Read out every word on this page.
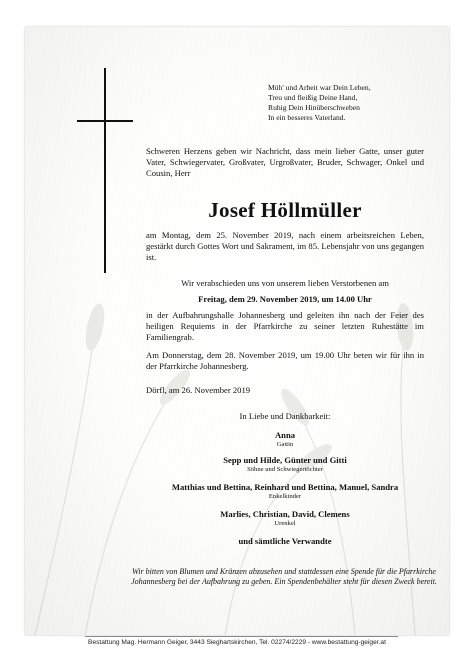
Müh' und Arbeit war Dein Leben,
Treu und fleißig Deine Hand,
Ruhig Dein Hinüberschweben
In ein besseres Vaterland.
Schweren Herzens geben wir Nachricht, dass mein lieber Gatte, unser guter Vater, Schwiegervater, Großvater, Urgroßvater, Bruder, Schwager, Onkel und Cousin, Herr
Josef Höllmüller
am Montag, dem 25. November 2019, nach einem arbeitsreichen Leben, gestärkt durch Gottes Wort und Sakrament, im 85. Lebensjahr von uns gegangen ist.
Wir verabschieden uns von unserem lieben Verstorbenen am
Freitag, dem 29. November 2019, um 14.00 Uhr
in der Aufbahrungshalle Johannesberg und geleiten ihn nach der Feier des heiligen Requiems in der Pfarrkirche zu seiner letzten Ruhestätte im Familiengrab.
Am Donnerstag, dem 28. November 2019, um 19.00 Uhr beten wir für ihn in der Pfarrkirche Johannesberg.
Dörfl, am 26. November 2019
In Liebe und Dankbarkeit:
Anna
Gattin
Sepp und Hilde, Günter und Gitti
Söhne und Schwiegertöchter
Matthias und Bettina, Reinhard und Bettina, Manuel, Sandra
Enkelkinder
Marlies, Christian, David, Clemens
Urenkel
und sämtliche Verwandte
Wir bitten von Blumen und Kränzen abzusehen und stattdessen eine Spende für die Pfarrkirche Johannesberg bei der Aufbahrung zu geben. Ein Spendenbehälter steht für diesen Zweck bereit.
Bestattung Mag. Hermann Geiger, 3443 Sieghartskirchen, Tel. 02274/2229 - www.bestattung-geiger.at
